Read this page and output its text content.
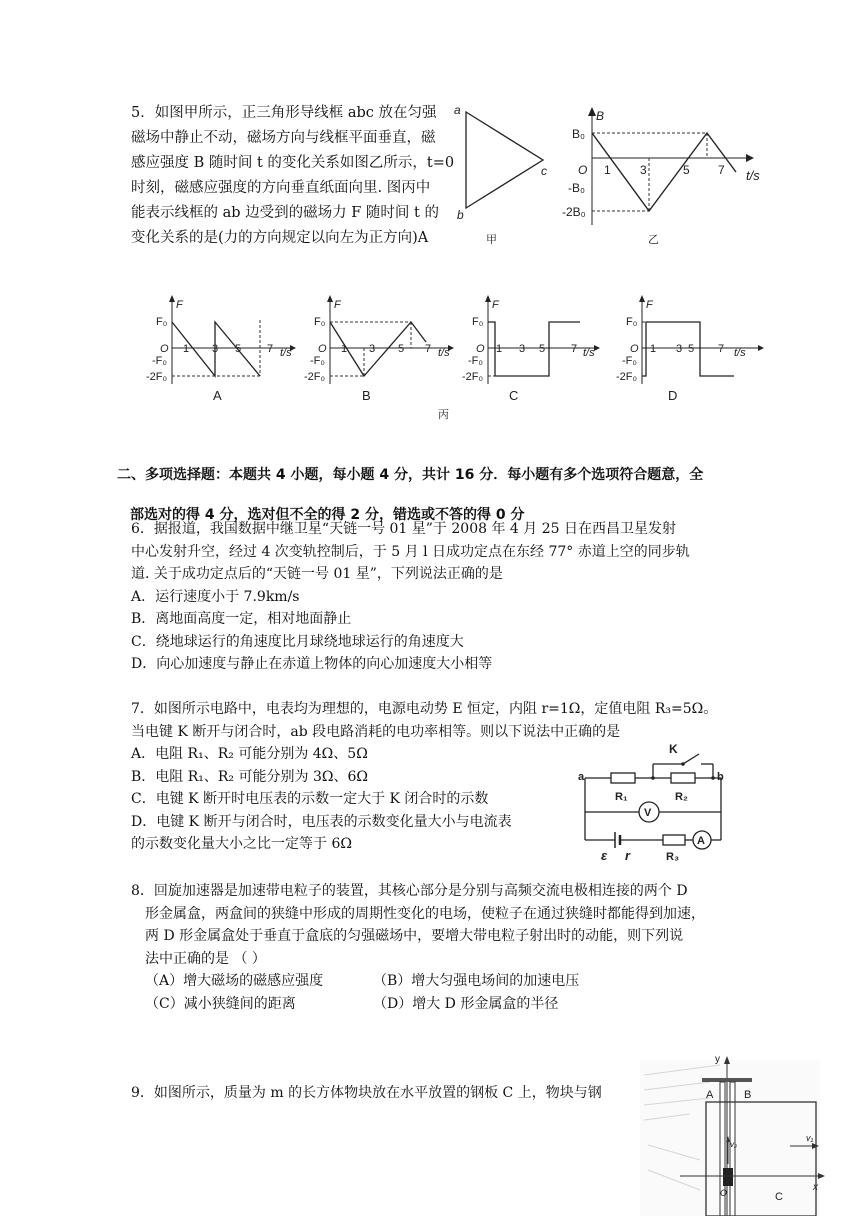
5．如图甲所示，正三角形导线框 abc 放在匀强

磁场中静止不动，磁场方向与线框平面垂直，磁

感应强度 B 随时间 t 的变化关系如图乙所示，t=0

时刻，磁感应强度的方向垂直纸面向里. 图丙中

能表示线框的 ab 边受到的磁场力 F 随时间 t 的

变化关系的是(力的方向规定以向左为正方向)A

a
b
c
甲
B
B₀
O
-B₀
-2B₀
1 3	5 7 t/s
乙
F
F₀
O
-F₀
-2F₀
1 3 5 7 t/s
A
F
F₀
O
-F₀
-2F₀
1 3 5 7 t/s
B
F
F₀
O
-F₀
-2F₀
1 3 5 7 t/s
C
F
F₀
O
-F₀
-2F₀
1 3 5 7 t/s
D
丙
二、多项选择题：本题共 4 小题，每小题 4 分，共计 16 分．每小题有多个选项符合题意，全
部选对的得 4 分，选对但不全的得 2 分，错选或不答的得 0 分

6．据报道，我国数据中继卫星“天链一号 01 星”于 2008 年 4 月 25 日在西昌卫星发射

中心发射升空，经过 4 次变轨控制后，于 5 月 l 日成功定点在东经 77° 赤道上空的同步轨

道. 关于成功定点后的“天链一号 01 星”，下列说法正确的是

A．运行速度小于 7.9km/s

B．离地面高度一定，相对地面静止

C．绕地球运行的角速度比月球绕地球运行的角速度大

D．向心加速度与静止在赤道上物体的向心加速度大小相等

7．如图所示电路中，电表均为理想的，电源电动势 E 恒定，内阻 r=1Ω，定值电阻 R₃=5Ω。

当电键 K 断开与闭合时，ab 段电路消耗的电功率相等。则以下说法中正确的是

A．电阻 R₁、R₂ 可能分别为 4Ω、5Ω

B．电阻 R₁、R₂ 可能分别为 3Ω、6Ω

C．电键 K 断开时电压表的示数一定大于 K 闭合时的示数

D．电键 K 断开与闭合时，电压表的示数变化量大小与电流表

的示数变化量大小之比一定等于 6Ω

K
a	b
R₁	R₂
V
A
ε r	R₃

8．回旋加速器是加速带电粒子的装置，其核心部分是分别与高频交流电极相连接的两个 D

形金属盒，两盒间的狭缝中形成的周期性变化的电场，使粒子在通过狭缝时都能得到加速，

两 D 形金属盒处于垂直于盒底的匀强磁场中，要增大带电粒子射出时的动能，则下列说

法中正确的是 （ ）

（A）增大磁场的磁感应强度	（B）增大匀强电场间的加速电压
（C）减小狭缝间的距离	（D）增大 D 形金属盒的半径

9．如图所示，质量为 m 的长方体物块放在水平放置的钢板 C 上，物块与钢

y
A	B
C
v₂
O	x
v₁
